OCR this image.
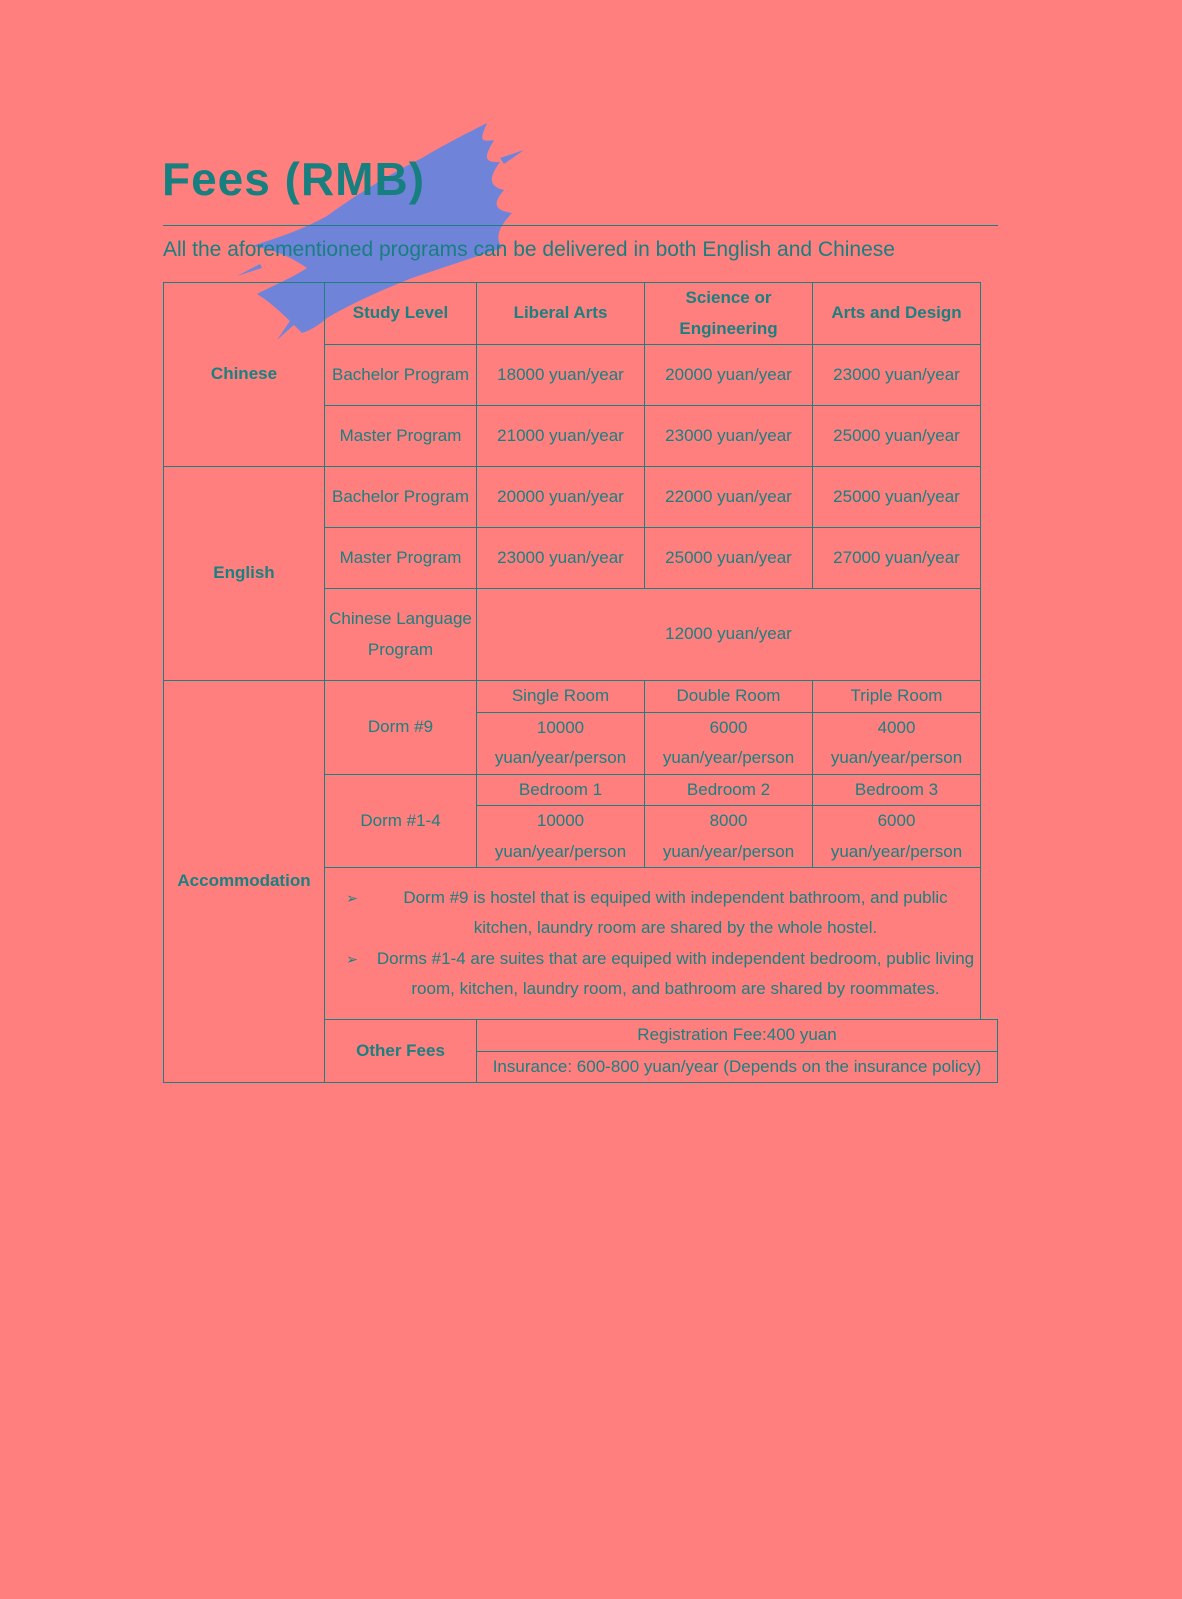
Fees (RMB)
All the aforementioned programs can be delivered in both English and Chinese
Chinese	Study Level	Liberal Arts	Science or Engineering	Arts and Design
	Bachelor Program	18000 yuan/year	20000 yuan/year	23000 yuan/year
	Master Program	21000 yuan/year	23000 yuan/year	25000 yuan/year
English	Bachelor Program	20000 yuan/year	22000 yuan/year	25000 yuan/year
	Master Program	23000 yuan/year	25000 yuan/year	27000 yuan/year
	Chinese Language Program	12000 yuan/year		
Accommodation	Dorm #9	Single Room	Double Room	Triple Room
		10000 yuan/year/person	6000 yuan/year/person	4000 yuan/year/person
	Dorm #1-4	Bedroom 1	Bedroom 2	Bedroom 3
		10000 yuan/year/person	8000 yuan/year/person	6000 yuan/year/person

	➢ Dorm #9 is hostel that is equiped with independent bathroom, and public kitchen, laundry room are shared by the whole hostel.
➢ Dorms #1-4 are suites that are equiped with independent bedroom, public living room, kitchen, laundry room, and bathroom are shared by roommates.			

	Other Fees	Registration Fee:400 yuan		
		Insurance: 600-800 yuan/year (Depends on the insurance policy)		
